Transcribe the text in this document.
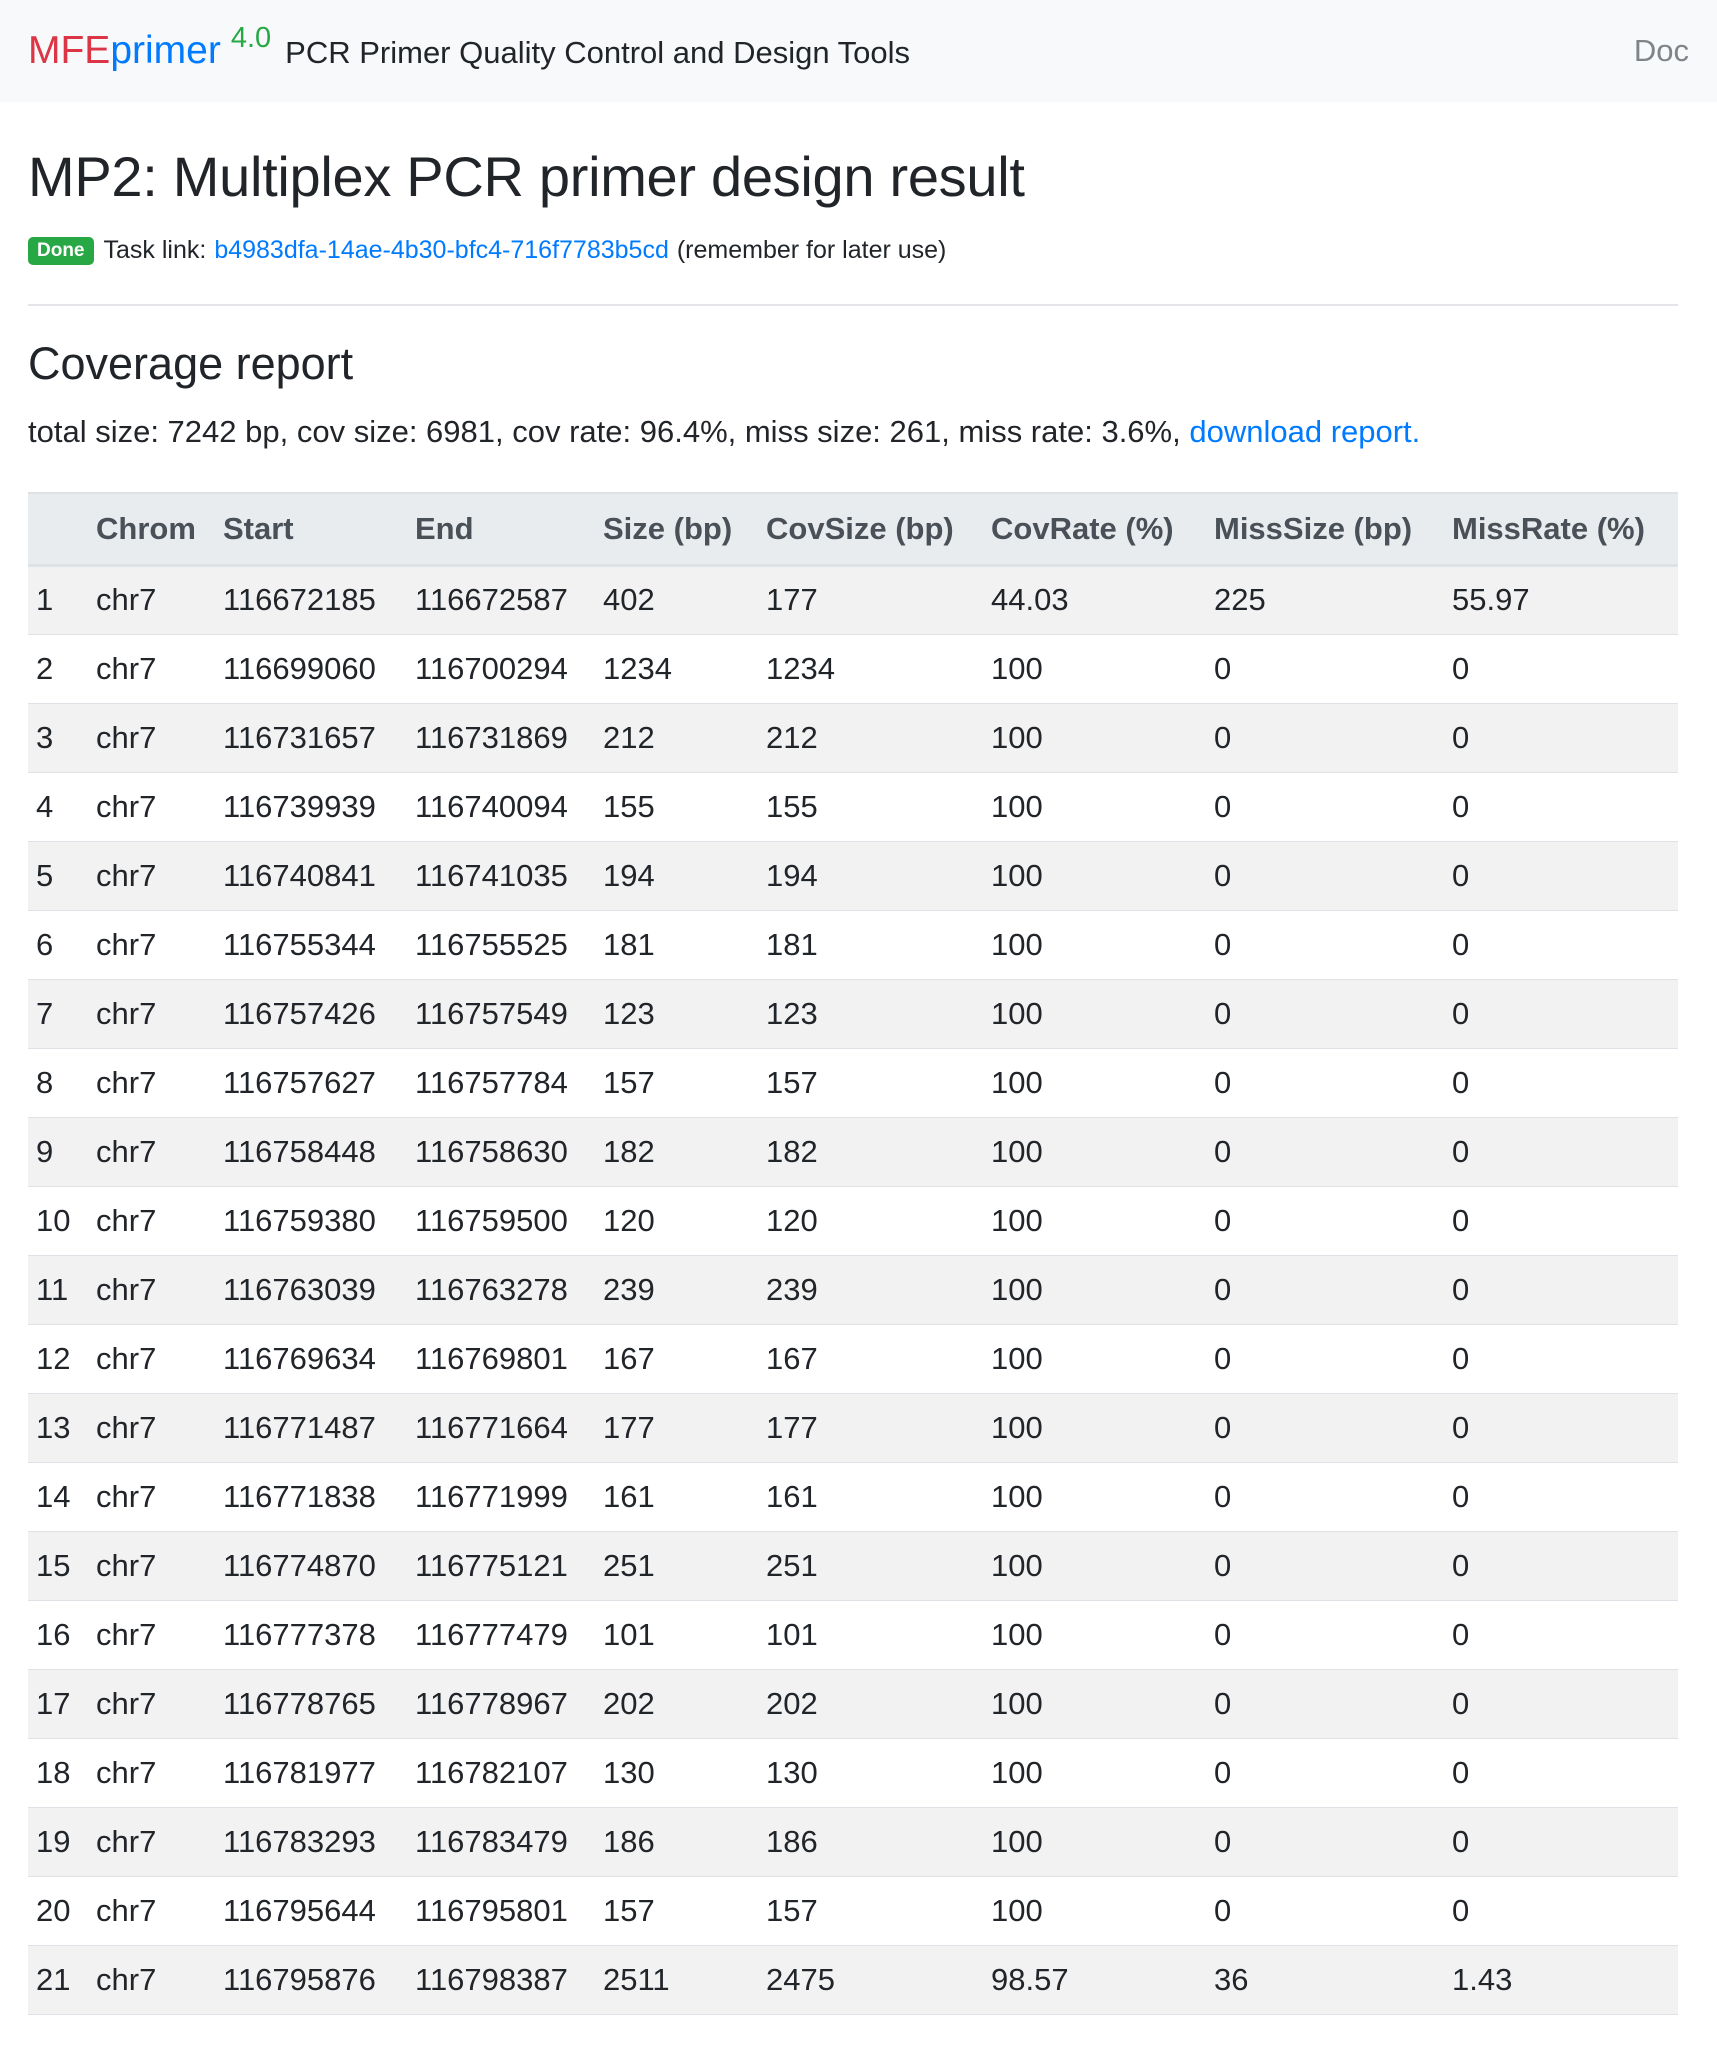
MFE primer 4.0 PCR Primer Quality Control and Design Tools	Doc
MP2: Multiplex PCR primer design result
Done Task link: b4983dfa-14ae-4b30-bfc4-716f7783b5cd (remember for later use)
Coverage report
total size: 7242 bp, cov size: 6981, cov rate: 96.4%, miss size: 261, miss rate: 3.6%, download report.
	Chrom	Start	End	Size (bp)	CovSize (bp)	CovRate (%)	MissSize (bp)	MissRate (%)
1	chr7	116672185	116672587	402	177	44.03	225	55.97
2	chr7	116699060	116700294	1234	1234	100	0	0
3	chr7	116731657	116731869	212	212	100	0	0
4	chr7	116739939	116740094	155	155	100	0	0
5	chr7	116740841	116741035	194	194	100	0	0
6	chr7	116755344	116755525	181	181	100	0	0
7	chr7	116757426	116757549	123	123	100	0	0
8	chr7	116757627	116757784	157	157	100	0	0
9	chr7	116758448	116758630	182	182	100	0	0
10	chr7	116759380	116759500	120	120	100	0	0
11	chr7	116763039	116763278	239	239	100	0	0
12	chr7	116769634	116769801	167	167	100	0	0
13	chr7	116771487	116771664	177	177	100	0	0
14	chr7	116771838	116771999	161	161	100	0	0
15	chr7	116774870	116775121	251	251	100	0	0
16	chr7	116777378	116777479	101	101	100	0	0
17	chr7	116778765	116778967	202	202	100	0	0
18	chr7	116781977	116782107	130	130	100	0	0
19	chr7	116783293	116783479	186	186	100	0	0
20	chr7	116795644	116795801	157	157	100	0	0
21	chr7	116795876	116798387	2511	2475	98.57	36	1.43
